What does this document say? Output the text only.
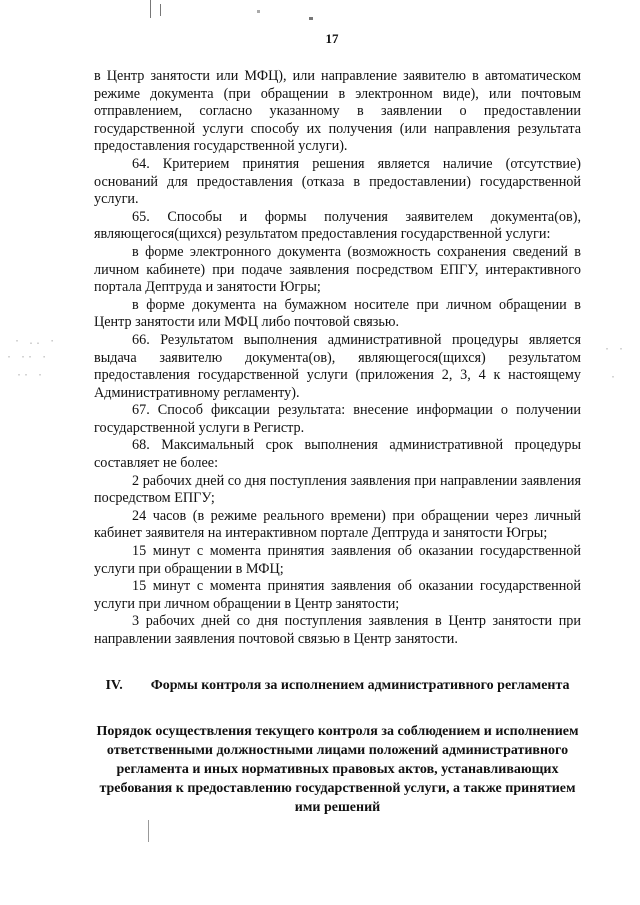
· .. ·
· ·· ·
·· ·
· ·
·
17

в Центр занятости или МФЦ), или направление заявителю в автоматическом режиме документа (при обращении в электронном виде), или почтовым отправлением, согласно указанному в заявлении о предоставлении государственной услуги способу их получения (или направления результата предоставления государственной услуги).

64. Критерием принятия решения является наличие (отсутствие) оснований для предоставления (отказа в предоставлении) государственной услуги.

65. Способы и формы получения заявителем документа(ов), являющегося(щихся) результатом предоставления государственной услуги:

в форме электронного документа (возможность сохранения сведений в личном кабинете) при подаче заявления посредством ЕПГУ, интерактивного портала Дептруда и занятости Югры;

в форме документа на бумажном носителе при личном обращении в Центр занятости или МФЦ либо почтовой связью.

66. Результатом выполнения административной процедуры является выдача заявителю документа(ов), являющегося(щихся) результатом предоставления государственной услуги (приложения 2, 3, 4 к настоящему Административному регламенту).

67. Способ фиксации результата: внесение информации о получении государственной услуги в Регистр.

68. Максимальный срок выполнения административной процедуры составляет не более:

2 рабочих дней со дня поступления заявления при направлении заявления посредством ЕПГУ;

24 часов (в режиме реального времени) при обращении через личный кабинет заявителя на интерактивном портале Дептруда и занятости Югры;

15 минут с момента принятия заявления об оказании государственной услуги при обращении в МФЦ;

15 минут с момента принятия заявления об оказании государственной услуги при личном обращении в Центр занятости;

3 рабочих дней со дня поступления заявления в Центр занятости при направлении заявления почтовой связью в Центр занятости.

IV. Формы контроля за исполнением административного регламента
Порядок осуществления текущего контроля за соблюдением и исполнением ответственными должностными лицами положений административного регламента и иных нормативных правовых актов, устанавливающих требования к предоставлению государственной услуги, а также принятием ими решений
